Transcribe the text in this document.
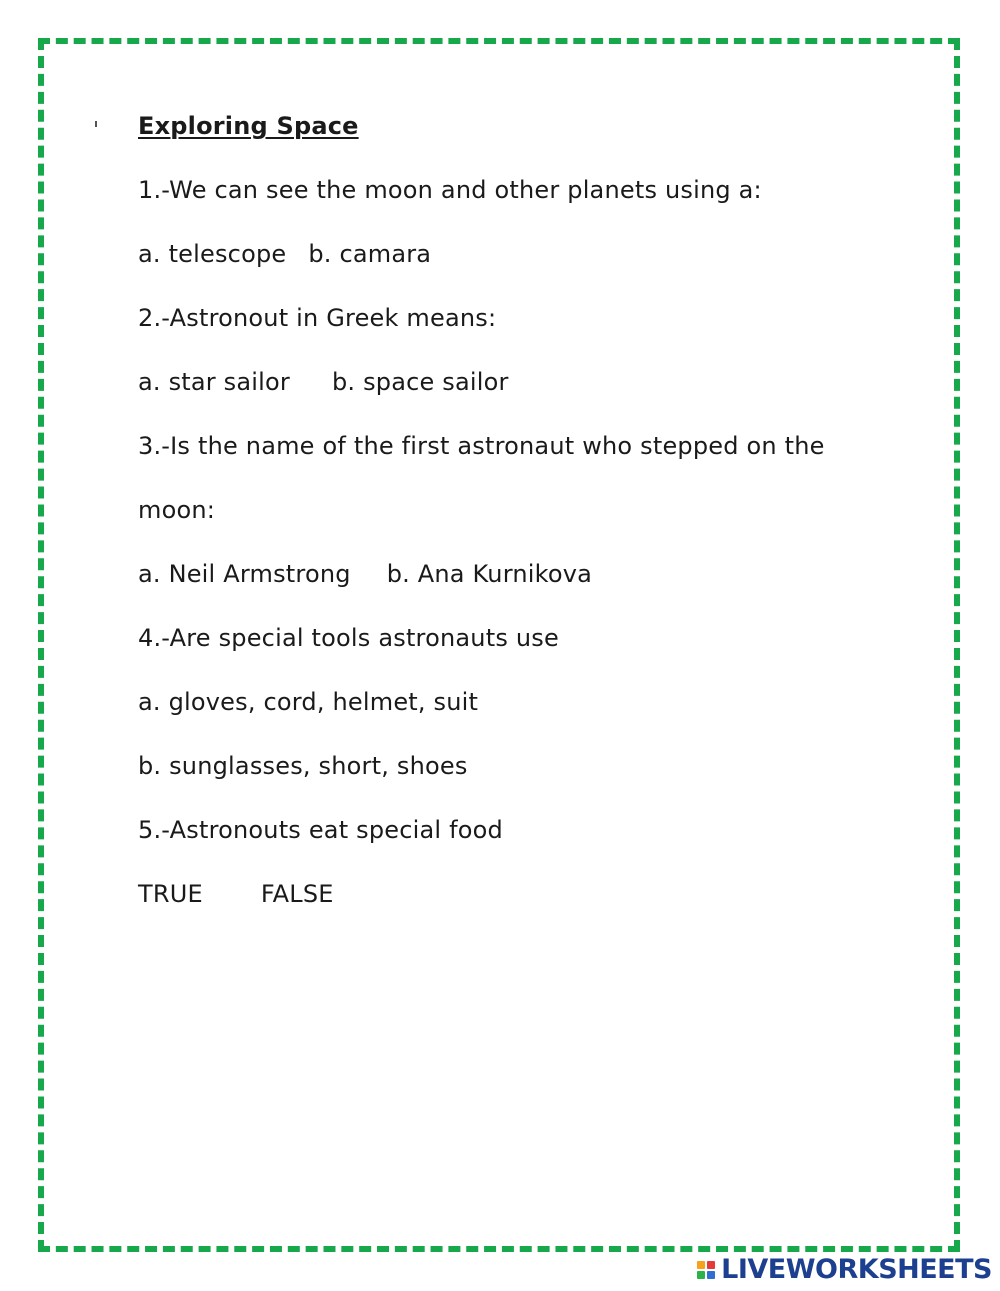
Exploring Space

1.-We can see the moon and other planets using a:

a. telescope b. camara

2.-Astronout in Greek means:

a. star sailor b. space sailor

3.-Is the name of the first astronaut who stepped on the

moon:

a. Neil Armstrong b. Ana Kurnikova

4.-Are special tools astronauts use

a. gloves, cord, helmet, suit

b. sunglasses, short, shoes

5.-Astronouts eat special food

TRUE FALSE

LIVEWORKSHEETS
